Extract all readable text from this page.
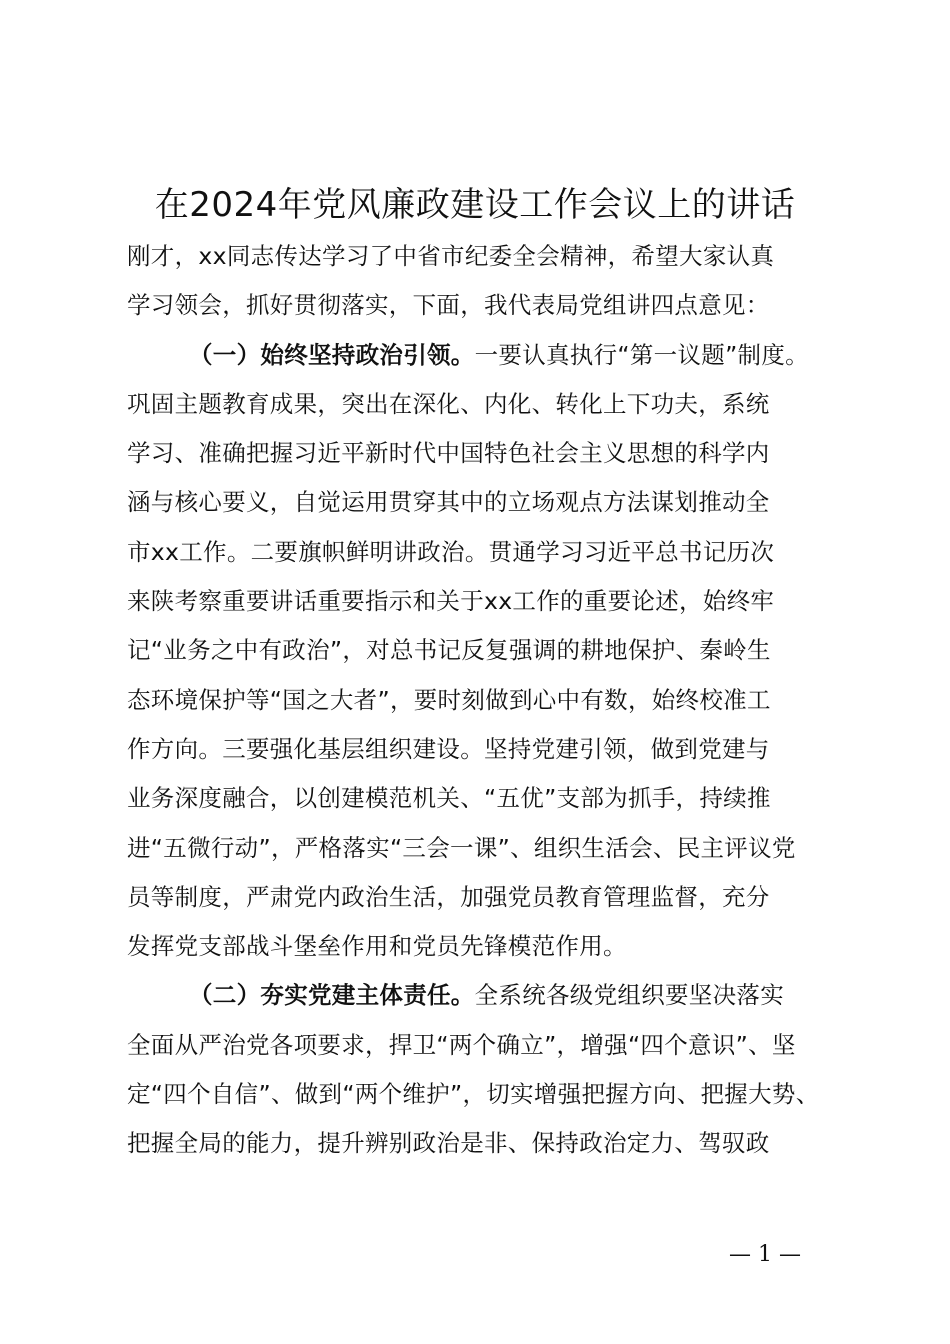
在2024年党风廉政建设工作会议上的讲话
刚才，xx同志传达学习了中省市纪委全会精神，希望大家认真
学习领会，抓好贯彻落实，下面，我代表局党组讲四点意见：
（一）始终坚持政治引领。一要认真执行“第一议题”制度。
巩固主题教育成果，突出在深化、内化、转化上下功夫，系统
学习、准确把握习近平新时代中国特色社会主义思想的科学内
涵与核心要义，自觉运用贯穿其中的立场观点方法谋划推动全
市xx工作。二要旗帜鲜明讲政治。贯通学习习近平总书记历次
来陕考察重要讲话重要指示和关于xx工作的重要论述，始终牢
记“业务之中有政治”，对总书记反复强调的耕地保护、秦岭生
态环境保护等“国之大者”，要时刻做到心中有数，始终校准工
作方向。三要强化基层组织建设。坚持党建引领，做到党建与
业务深度融合，以创建模范机关、“五优”支部为抓手，持续推
进“五微行动”，严格落实“三会一课”、组织生活会、民主评议党
员等制度，严肃党内政治生活，加强党员教育管理监督，充分
发挥党支部战斗堡垒作用和党员先锋模范作用。
（二）夯实党建主体责任。全系统各级党组织要坚决落实
全面从严治党各项要求，捍卫“两个确立”，增强“四个意识”、坚
定“四个自信”、做到“两个维护”，切实增强把握方向、把握大势、
把握全局的能力，提升辨别政治是非、保持政治定力、驾驭政
— 1 —
